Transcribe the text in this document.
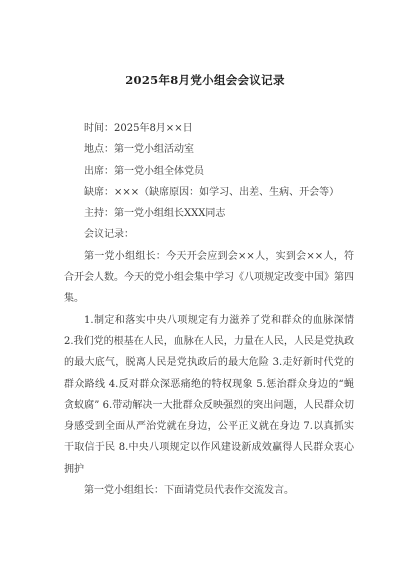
2025年8月党小组会会议记录
时间：2025年8月××日
地点：第一党小组活动室
出席：第一党小组全体党员
缺席：×××（缺席原因：如学习、出差、生病、开会等）
主持：第一党小组组长XXX同志
会议记录：
第一党小组组长：今天开会应到会××人，实到会××人，符合开会人数。今天的党小组会集中学习《八项规定改变中国》第四集。
1.制定和落实中央八项规定有力滋养了党和群众的血脉深情 2.我们党的根基在人民，血脉在人民，力量在人民，人民是党执政的最大底气，脱离人民是党执政后的最大危险 3.走好新时代党的群众路线 4.反对群众深恶痛绝的特权现象 5.惩治群众身边的“蝇贪蚁腐” 6.带动解决一大批群众反映强烈的突出问题，人民群众切身感受到全面从严治党就在身边，公平正义就在身边 7.以真抓实干取信于民 8.中央八项规定以作风建设新成效赢得人民群众衷心拥护
第一党小组组长：下面请党员代表作交流发言。
